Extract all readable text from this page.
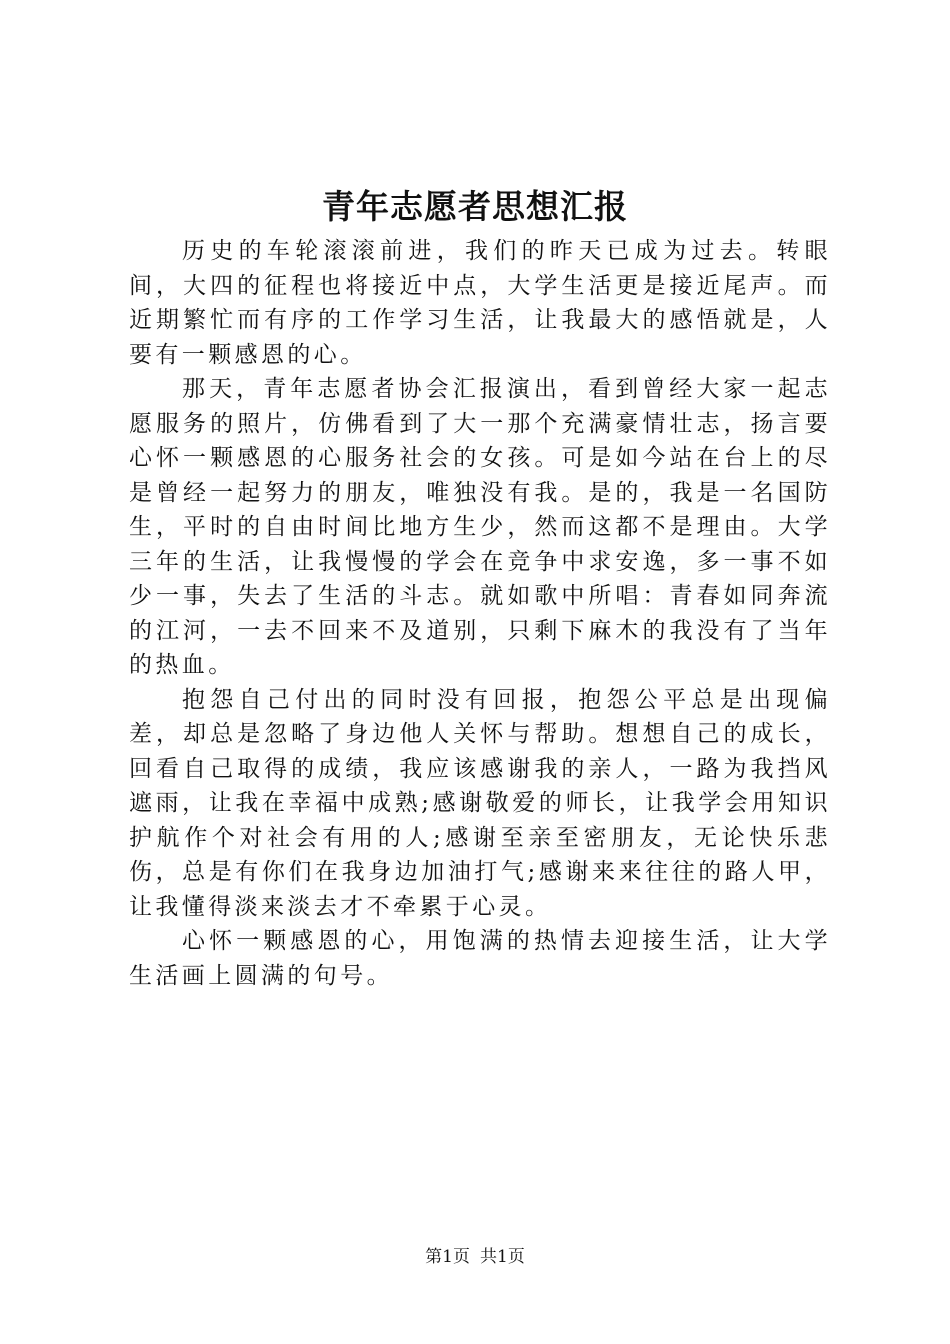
青年志愿者思想汇报

历史的车轮滚滚前进，我们的昨天已成为过去。转眼间，大四的征程也将接近中点，大学生活更是接近尾声。而近期繁忙而有序的工作学习生活，让我最大的感悟就是，人要有一颗感恩的心。

那天，青年志愿者协会汇报演出，看到曾经大家一起志愿服务的照片，仿佛看到了大一那个充满豪情壮志，扬言要心怀一颗感恩的心服务社会的女孩。可是如今站在台上的尽是曾经一起努力的朋友，唯独没有我。是的，我是一名国防生，平时的自由时间比地方生少，然而这都不是理由。大学三年的生活，让我慢慢的学会在竞争中求安逸，多一事不如少一事，失去了生活的斗志。就如歌中所唱：青春如同奔流的江河，一去不回来不及道别，只剩下麻木的我没有了当年的热血。

抱怨自己付出的同时没有回报，抱怨公平总是出现偏差，却总是忽略了身边他人关怀与帮助。想想自己的成长，回看自己取得的成绩，我应该感谢我的亲人，一路为我挡风遮雨，让我在幸福中成熟;感谢敬爱的师长，让我学会用知识护航作个对社会有用的人;感谢至亲至密朋友，无论快乐悲伤，总是有你们在我身边加油打气;感谢来来往往的路人甲，让我懂得淡来淡去才不牵累于心灵。

心怀一颗感恩的心，用饱满的热情去迎接生活，让大学生活画上圆满的句号。

第1页 共1页
